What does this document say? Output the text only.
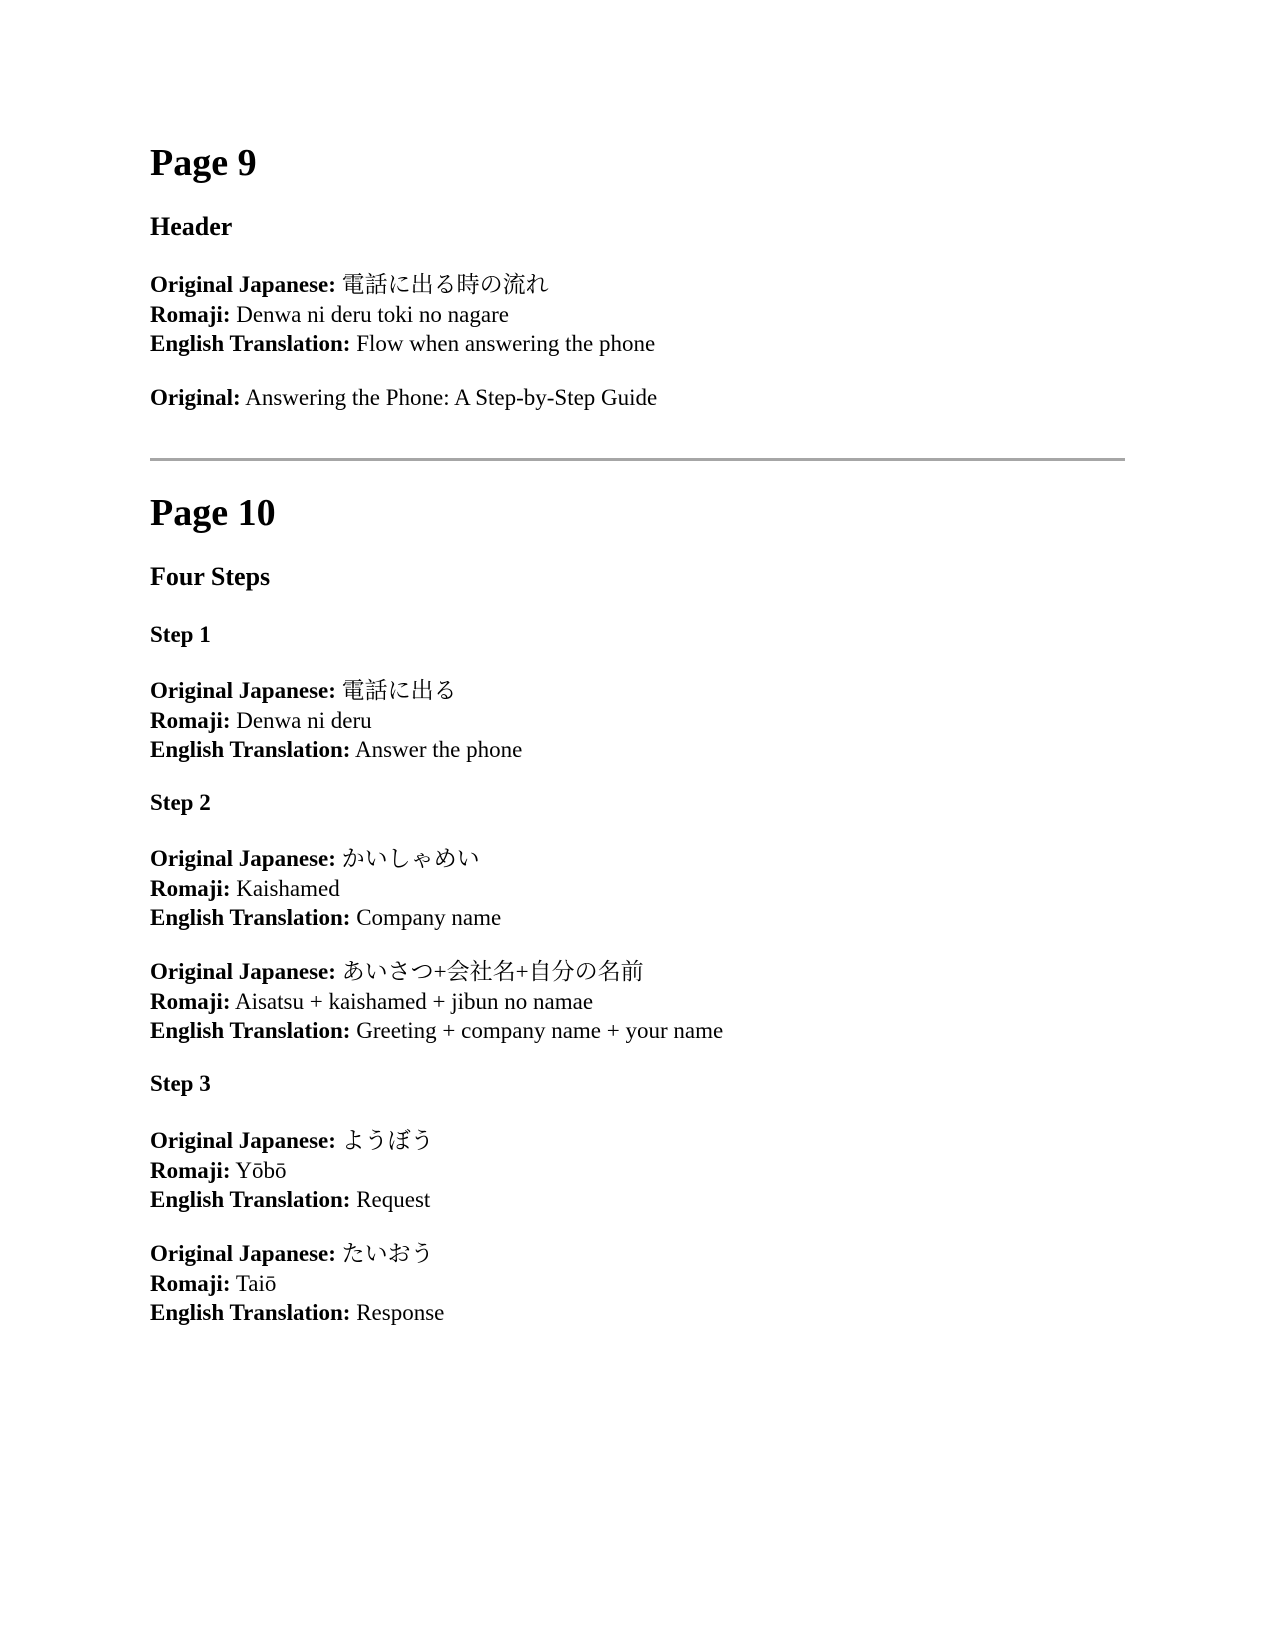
Page 9
Header
Original Japanese: 電話に出る時の流れ
Romaji: Denwa ni deru toki no nagare
English Translation: Flow when answering the phone
Original: Answering the Phone: A Step-by-Step Guide
Page 10
Four Steps
Step 1
Original Japanese: 電話に出る
Romaji: Denwa ni deru
English Translation: Answer the phone
Step 2
Original Japanese: かいしゃめい
Romaji: Kaishamed
English Translation: Company name
Original Japanese: あいさつ+会社名+自分の名前
Romaji: Aisatsu + kaishamed + jibun no namae
English Translation: Greeting + company name + your name
Step 3
Original Japanese: ようぼう
Romaji: Yōbō
English Translation: Request
Original Japanese: たいおう
Romaji: Taiō
English Translation: Response
